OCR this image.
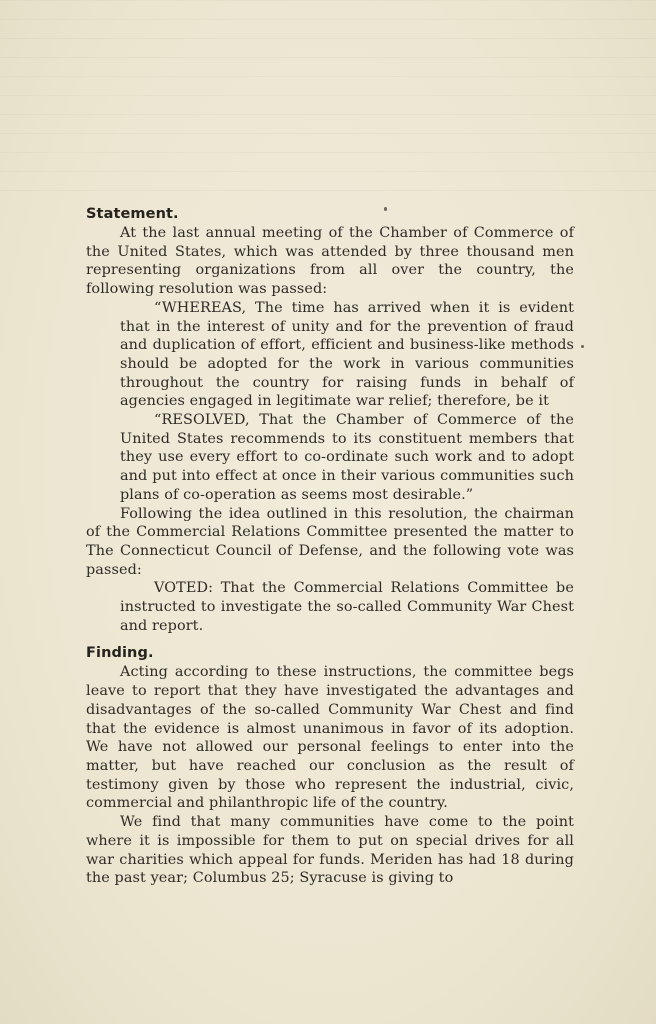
Statement.

At the last annual meeting of the Chamber of Commerce of the United States, which was attended by three thousand men representing organizations from all over the country, the following resolution was passed:

“WHEREAS, The time has arrived when it is evident that in the interest of unity and for the prevention of fraud and duplication of effort, efficient and business-like methods should be adopted for the work in various communities throughout the country for raising funds in behalf of agencies engaged in legitimate war relief; therefore, be it

“RESOLVED, That the Chamber of Commerce of the United States recommends to its constituent members that they use every effort to co-ordinate such work and to adopt and put into effect at once in their various communities such plans of co-operation as seems most desirable.”

Following the idea outlined in this resolution, the chairman of the Commercial Relations Committee presented the matter to The Connecticut Council of Defense, and the following vote was passed:

VOTED: That the Commercial Relations Committee be instructed to investigate the so-called Community War Chest and report.

Finding.

Acting according to these instructions, the committee begs leave to report that they have investigated the advantages and disadvantages of the so-called Community War Chest and find that the evidence is almost unanimous in favor of its adoption. We have not allowed our personal feelings to enter into the matter, but have reached our conclusion as the result of testimony given by those who represent the industrial, civic, commercial and philanthropic life of the country.

We find that many communities have come to the point where it is impossible for them to put on special drives for all war charities which appeal for funds. Meriden has had 18 during the past year; Columbus 25; Syracuse is giving to
